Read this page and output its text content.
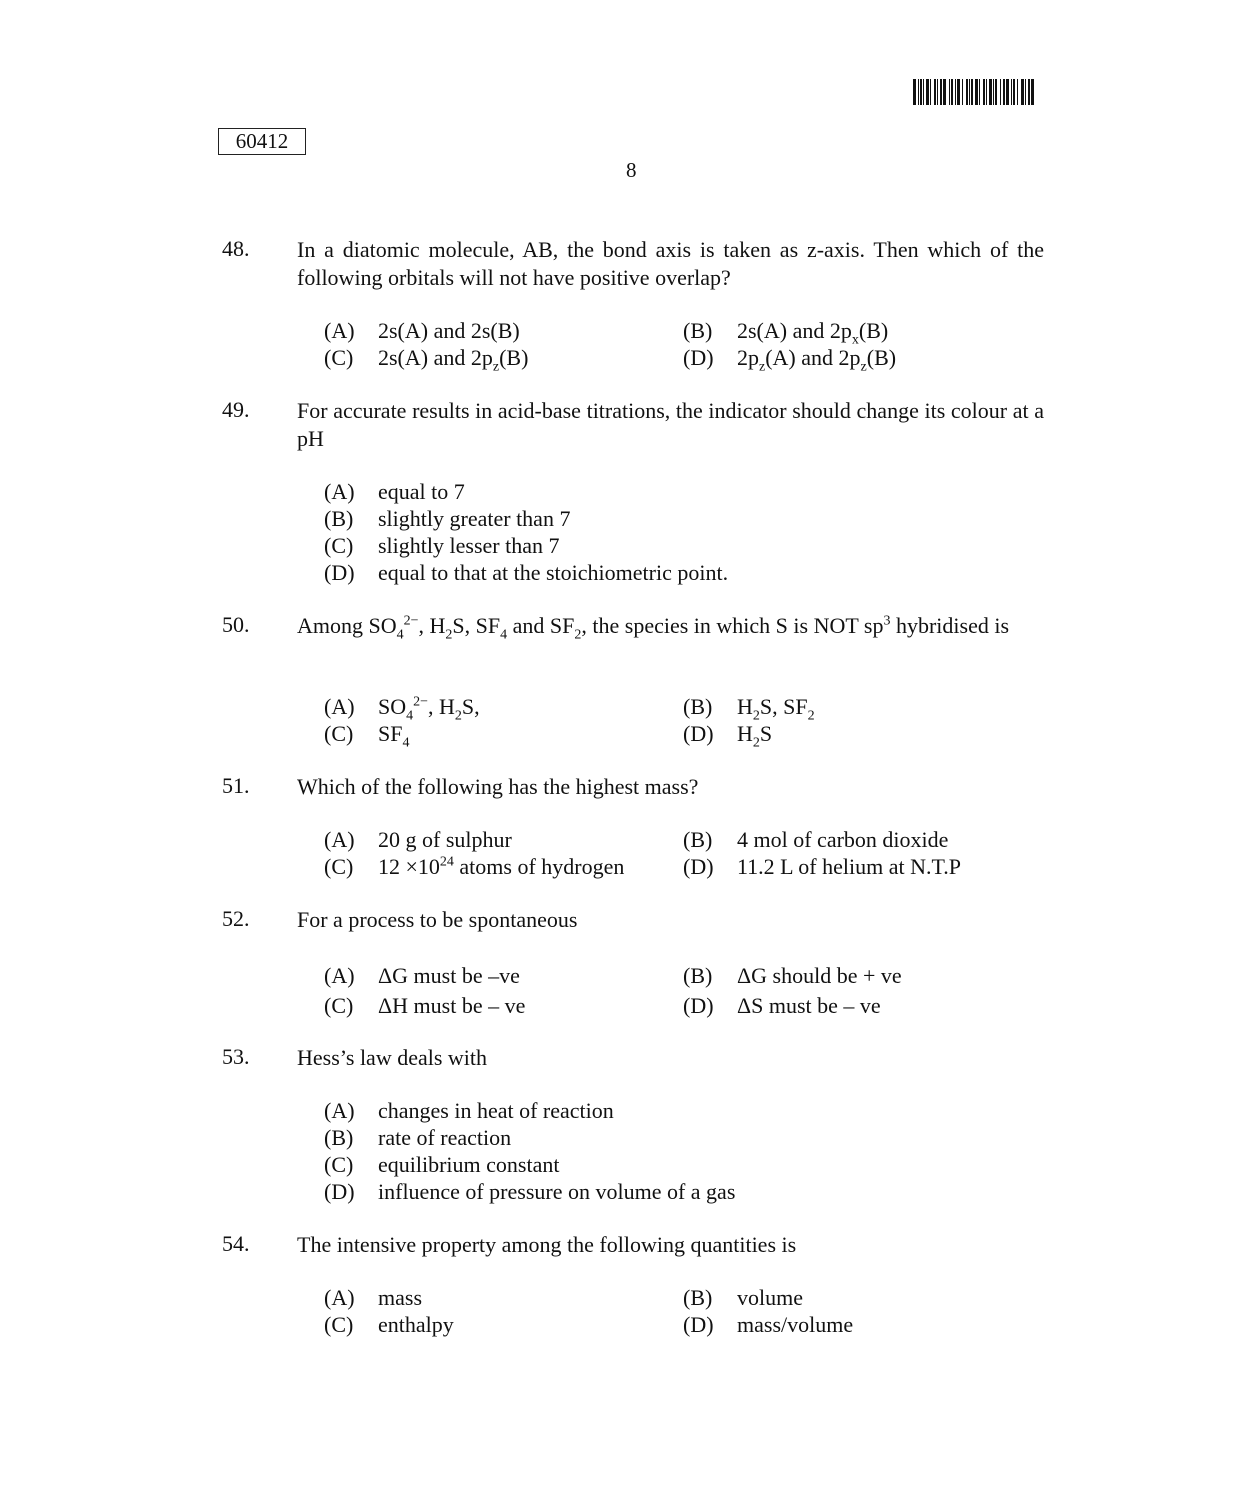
60412
8
48. In a diatomic molecule, AB, the bond axis is taken as z-axis. Then which of the following orbitals will not have positive overlap?
(A)	2s(A) and 2s(B)	(B)	2s(A) and $2p_x(B)$
(C)	2s(A) and $2p_z(B)$	(D)	$2p_z(A)$ and $2p_z(B)$
49. For accurate results in acid-base titrations, the indicator should change its colour at a pH
(A)	equal to 7
(B)	slightly greater than 7
(C)	slightly lesser than 7
(D)	equal to that at the stoichiometric point.
50. Among $SO_4^{2-}$, $H_2S$, $SF_4$ and $SF_2$, the species in which S is NOT $sp^3$ hybridised is
(A)	$SO_4^{2-}$, $H_2S$,	(B)	$H_2S$, $SF_2$
(C)	$SF_4$	(D)	$H_2S$
51. Which of the following has the highest mass?
(A)	20 g of sulphur	(B)	4 mol of carbon dioxide
(C)	$12 \times 10^{24}$ atoms of hydrogen	(D)	11.2 L of helium at N.T.P
52. For a process to be spontaneous
(A)	ΔG must be –ve	(B)	ΔG should be + ve
(C)	ΔH must be – ve	(D)	ΔS must be – ve
53. Hess’s law deals with
(A)	changes in heat of reaction
(B)	rate of reaction
(C)	equilibrium constant
(D)	influence of pressure on volume of a gas
54. The intensive property among the following quantities is
(A)	mass	(B)	volume
(C)	enthalpy	(D)	mass/volume
